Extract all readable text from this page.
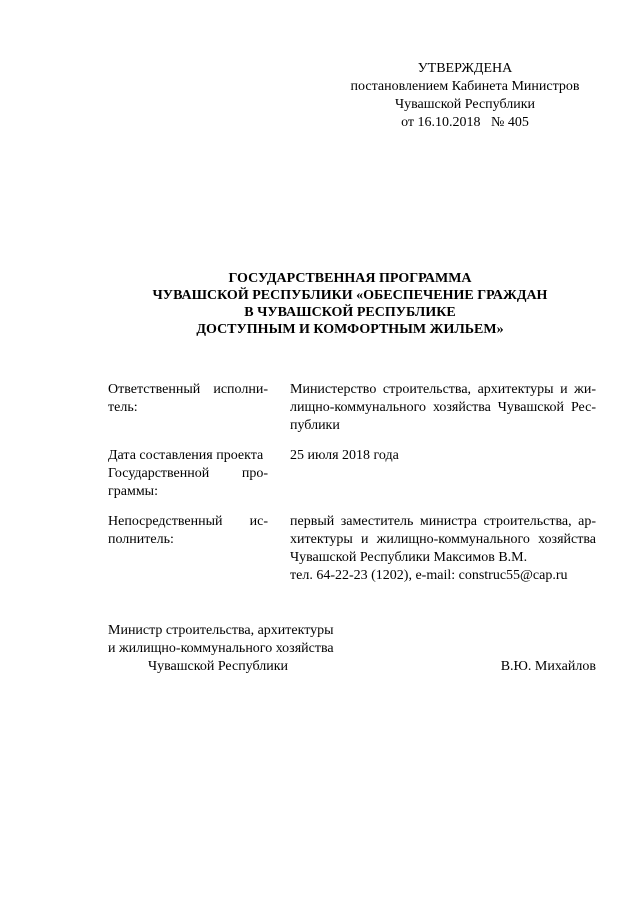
УТВЕРЖДЕНА
постановлением Кабинета Министров
Чувашской Республики
от 16.10.2018   № 405
ГОСУДАРСТВЕННАЯ ПРОГРАММА
ЧУВАШСКОЙ РЕСПУБЛИКИ «ОБЕСПЕЧЕНИЕ ГРАЖДАН
В ЧУВАШСКОЙ РЕСПУБЛИКЕ
ДОСТУПНЫМ И КОМФОРТНЫМ ЖИЛЬЕМ»
Ответственный исполни-
тель:
Министерство строительства, архитектуры и жи-
лищно-коммунального хозяйства Чувашской Рес-
публики
Дата составления проекта
Государственной про-
граммы:
25 июля 2018 года
Непосредственный ис-
полнитель:
первый заместитель министра строительства, ар-
хитектуры и жилищно-коммунального хозяйства
Чувашской Республики Максимов В.М.
тел. 64-22-23 (1202), e-mail: construc55@cap.ru
Министр строительства, архитектуры
и жилищно-коммунального хозяйства
Чувашской Республики	В.Ю. Михайлов
